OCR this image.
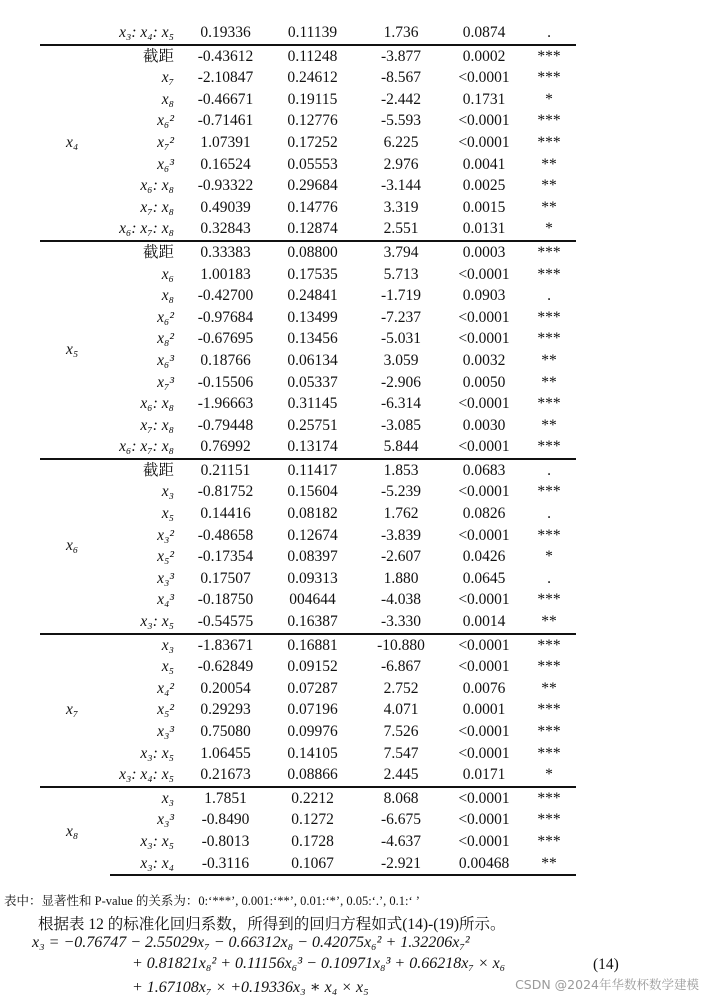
	x₃: x₄: x₅	0.19336	0.11139	1.736	0.0874	.
x₄	截距	-0.43612	0.11248	-3.877	0.0002	***
	x₇	-2.10847	0.24612	-8.567	<0.0001	***
	x₈	-0.46671	0.19115	-2.442	0.1731	*
	x₆²	-0.71461	0.12776	-5.593	<0.0001	***
	x₇²	1.07391	0.17252	6.225	<0.0001	***
	x₆³	0.16524	0.05553	2.976	0.0041	**
	x₆: x₈	-0.93322	0.29684	-3.144	0.0025	**
	x₇: x₈	0.49039	0.14776	3.319	0.0015	**
	x₆: x₇: x₈	0.32843	0.12874	2.551	0.0131	*
x₅	截距	0.33383	0.08800	3.794	0.0003	***
	x₆	1.00183	0.17535	5.713	<0.0001	***
	x₈	-0.42700	0.24841	-1.719	0.0903	.
	x₆²	-0.97684	0.13499	-7.237	<0.0001	***
	x₈²	-0.67695	0.13456	-5.031	<0.0001	***
	x₆³	0.18766	0.06134	3.059	0.0032	**
	x₇³	-0.15506	0.05337	-2.906	0.0050	**
	x₆: x₈	-1.96663	0.31145	-6.314	<0.0001	***
	x₇: x₈	-0.79448	0.25751	-3.085	0.0030	**
	x₆: x₇: x₈	0.76992	0.13174	5.844	<0.0001	***
x₆	截距	0.21151	0.11417	1.853	0.0683	.
	x₃	-0.81752	0.15604	-5.239	<0.0001	***
	x₅	0.14416	0.08182	1.762	0.0826	.
	x₃²	-0.48658	0.12674	-3.839	<0.0001	***
	x₅²	-0.17354	0.08397	-2.607	0.0426	*
	x₃³	0.17507	0.09313	1.880	0.0645	.
	x₄³	-0.18750	004644	-4.038	<0.0001	***
	x₃: x₅	-0.54575	0.16387	-3.330	0.0014	**
x₇	x₃	-1.83671	0.16881	-10.880	<0.0001	***
	x₅	-0.62849	0.09152	-6.867	<0.0001	***
	x₄²	0.20054	0.07287	2.752	0.0076	**
	x₅²	0.29293	0.07196	4.071	0.0001	***
	x₃³	0.75080	0.09976	7.526	<0.0001	***
	x₃: x₅	1.06455	0.14105	7.547	<0.0001	***
	x₃: x₄: x₅	0.21673	0.08866	2.445	0.0171	*
x₈	x₃	1.7851	0.2212	8.068	<0.0001	***
	x₃³	-0.8490	0.1272	-6.675	<0.0001	***
	x₃: x₅	-0.8013	0.1728	-4.637	<0.0001	***
	x₃: x₄	-0.3116	0.1067	-2.921	0.00468	**
表中：显著性和 P-value 的关系为：0:‘***’, 0.001:‘**’, 0.01:‘*’, 0.05:‘.’, 0.1:‘ ’
根据表 12 的标准化回归系数，所得到的回归方程如式(14)-(19)所示。
x₃ = −0.76747 − 2.55029x₇ − 0.66312x₈ − 0.42075x₆² + 1.32206x₇²
+ 0.81821x₈² + 0.11156x₆³ − 0.10971x₈³ + 0.66218x₇ × x₆
+ 1.67108x₇ × +0.19336x₃ ∗ x₄ × x₅
(14)
CSDN @2024年华数杯数学建模
